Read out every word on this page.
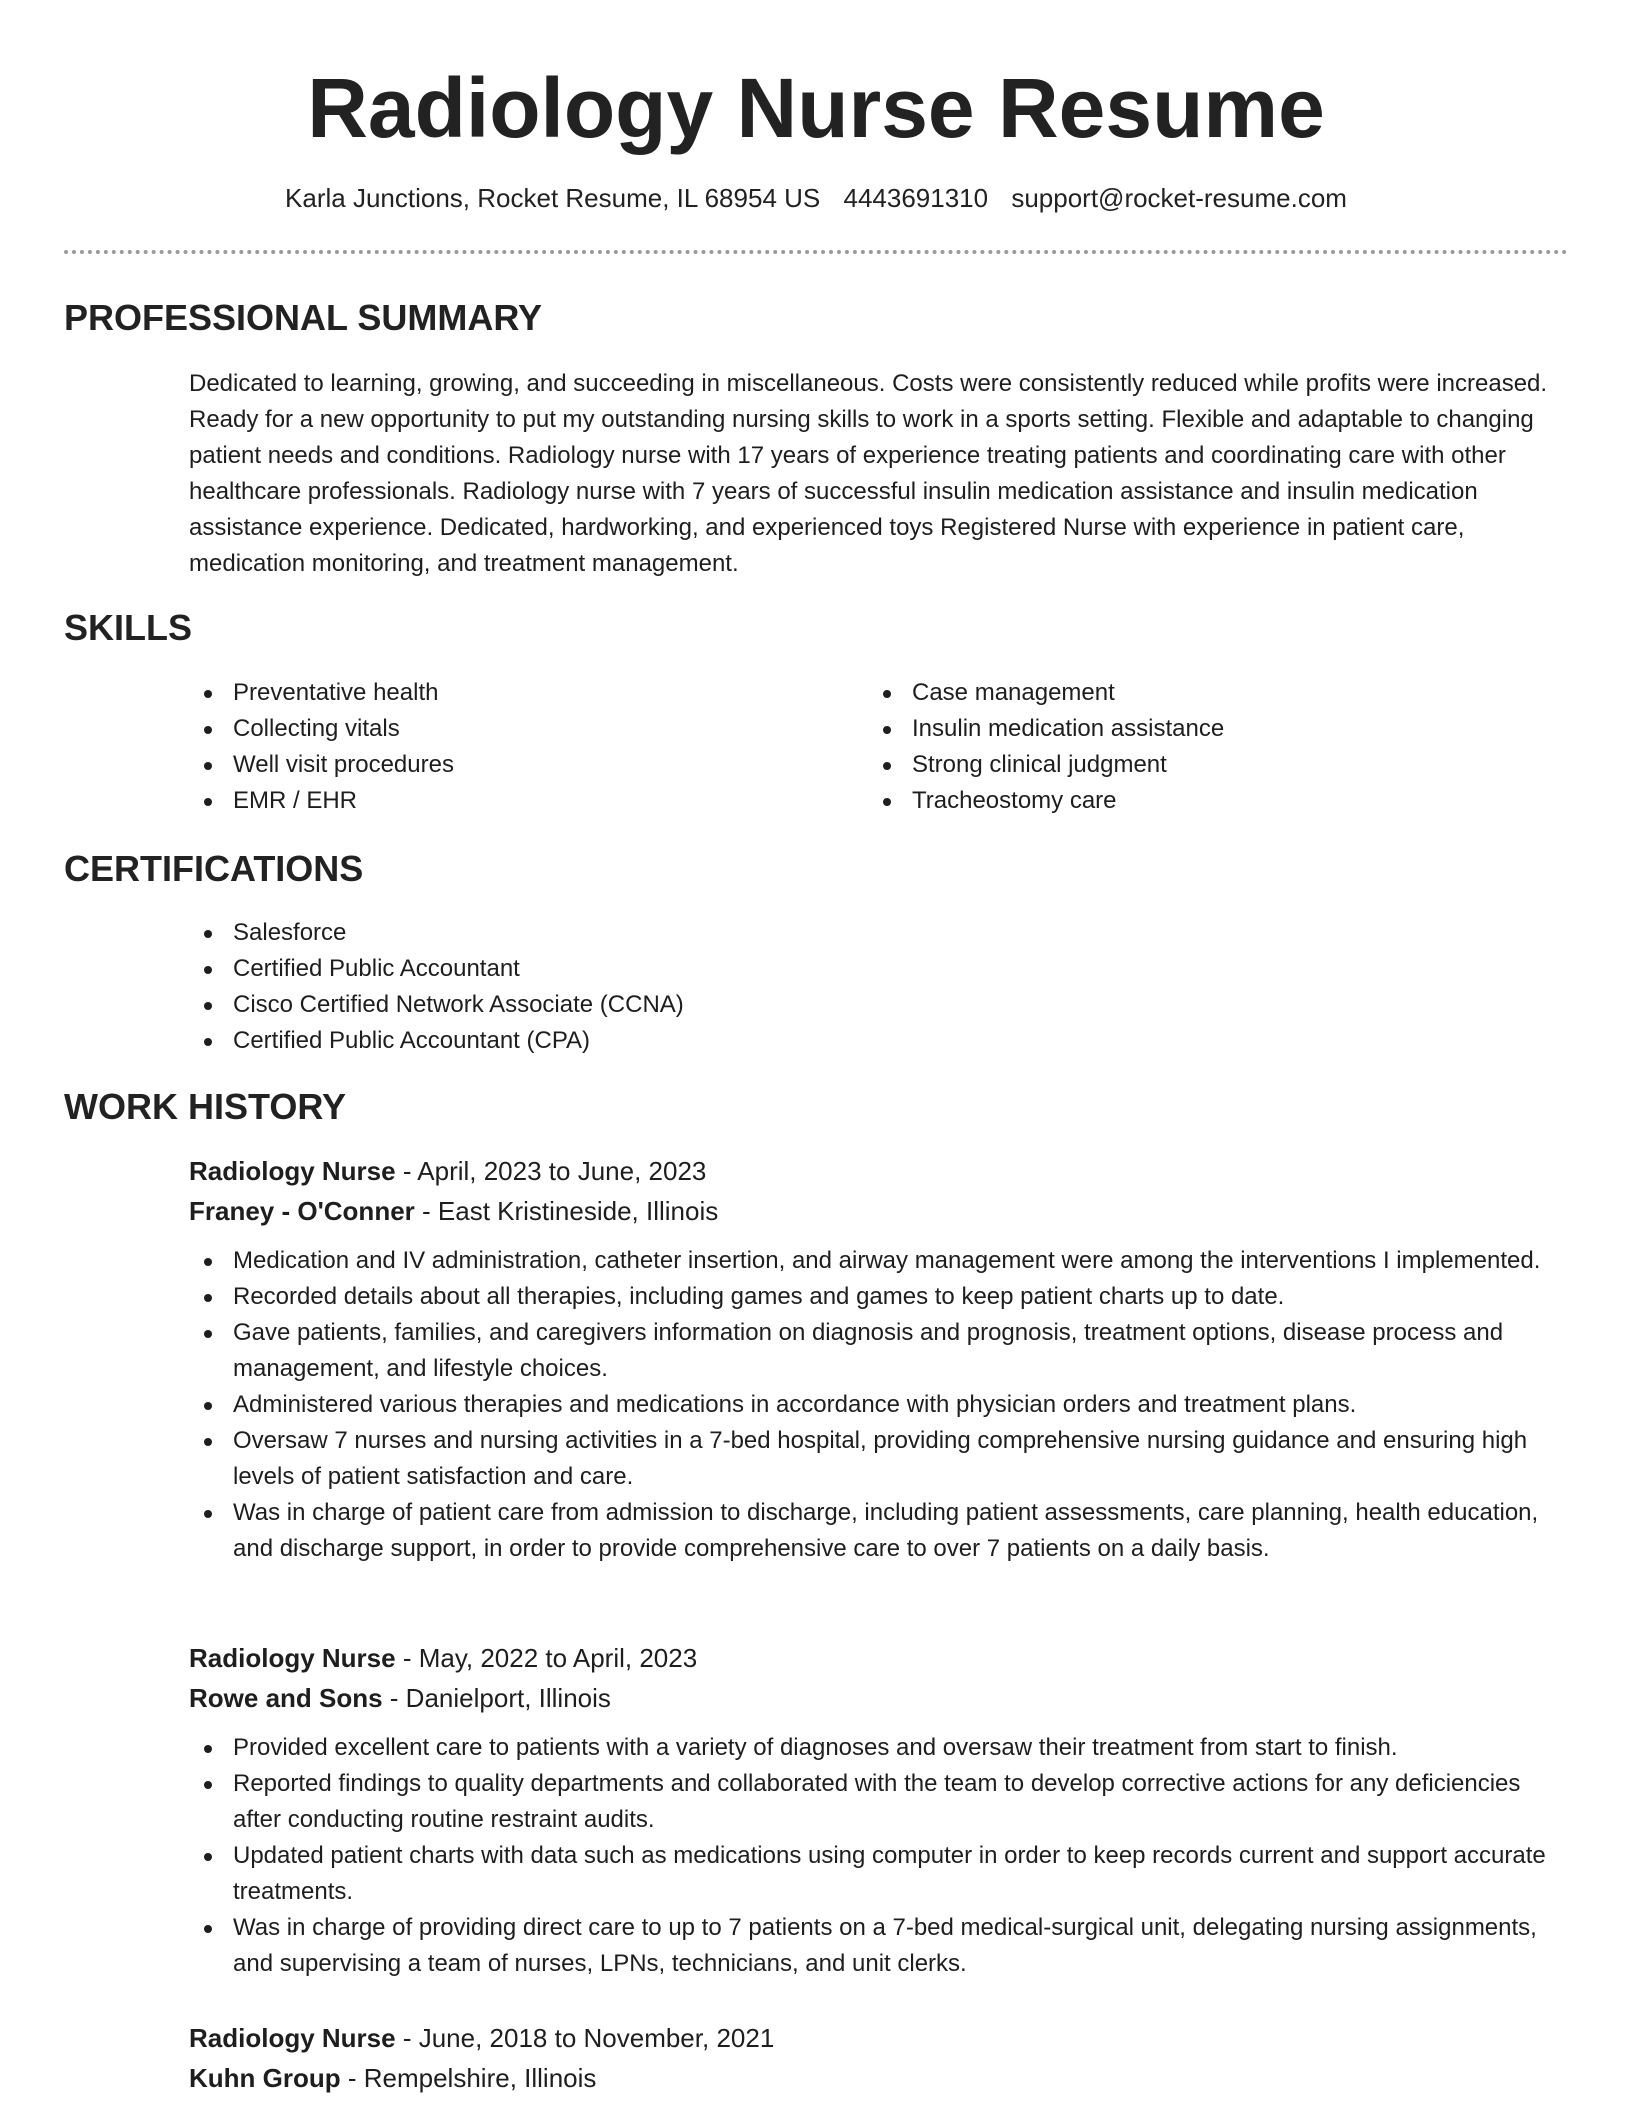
Radiology Nurse Resume
Karla Junctions, Rocket Resume, IL 68954 US 4443691310 support@rocket-resume.com
PROFESSIONAL SUMMARY

Dedicated to learning, growing, and succeeding in miscellaneous. Costs were consistently reduced while profits were increased. Ready for a new opportunity to put my outstanding nursing skills to work in a sports setting. Flexible and adaptable to changing patient needs and conditions. Radiology nurse with 17 years of experience treating patients and coordinating care with other healthcare professionals. Radiology nurse with 7 years of successful insulin medication assistance and insulin medication assistance experience. Dedicated, hardworking, and experienced toys Registered Nurse with experience in patient care, medication monitoring, and treatment management.

SKILLS
Preventative health
Collecting vitals
Well visit procedures
EMR / EHR
Case management
Insulin medication assistance
Strong clinical judgment
Tracheostomy care
CERTIFICATIONS
Salesforce
Certified Public Accountant
Cisco Certified Network Associate (CCNA)
Certified Public Accountant (CPA)
WORK HISTORY
Radiology Nurse - April, 2023 to June, 2023
Franey - O'Conner - East Kristineside, Illinois
Medication and IV administration, catheter insertion, and airway management were among the interventions I implemented.
Recorded details about all therapies, including games and games to keep patient charts up to date.
Gave patients, families, and caregivers information on diagnosis and prognosis, treatment options, disease process and management, and lifestyle choices.
Administered various therapies and medications in accordance with physician orders and treatment plans.
Oversaw 7 nurses and nursing activities in a 7-bed hospital, providing comprehensive nursing guidance and ensuring high levels of patient satisfaction and care.
Was in charge of patient care from admission to discharge, including patient assessments, care planning, health education, and discharge support, in order to provide comprehensive care to over 7 patients on a daily basis.
Radiology Nurse - May, 2022 to April, 2023
Rowe and Sons - Danielport, Illinois
Provided excellent care to patients with a variety of diagnoses and oversaw their treatment from start to finish.
Reported findings to quality departments and collaborated with the team to develop corrective actions for any deficiencies after conducting routine restraint audits.
Updated patient charts with data such as medications using computer in order to keep records current and support accurate treatments.
Was in charge of providing direct care to up to 7 patients on a 7-bed medical-surgical unit, delegating nursing assignments, and supervising a team of nurses, LPNs, technicians, and unit clerks.
Radiology Nurse - June, 2018 to November, 2021
Kuhn Group - Rempelshire, Illinois
